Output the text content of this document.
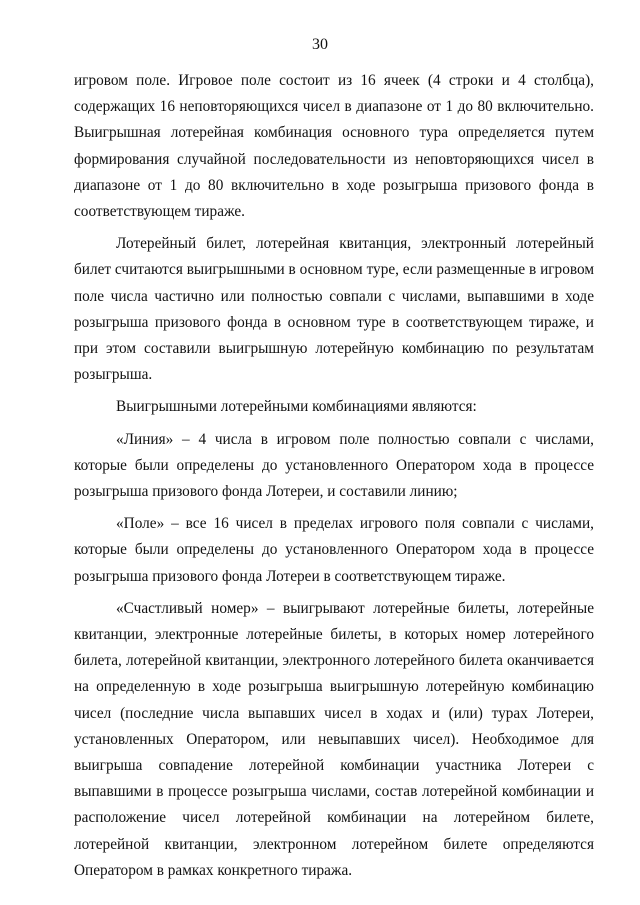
30

игровом поле. Игровое поле состоит из 16 ячеек (4 строки и 4 столбца), содержащих 16 неповторяющихся чисел в диапазоне от 1 до 80 включительно. Выигрышная лотерейная комбинация основного тура определяется путем формирования случайной последовательности из неповторяющихся чисел в диапазоне от 1 до 80 включительно в ходе розыгрыша призового фонда в соответствующем тираже.

Лотерейный билет, лотерейная квитанция, электронный лотерейный билет считаются выигрышными в основном туре, если размещенные в игровом поле числа частично или полностью совпали с числами, выпавшими в ходе розыгрыша призового фонда в основном туре в соответствующем тираже, и при этом составили выигрышную лотерейную комбинацию по результатам розыгрыша.

Выигрышными лотерейными комбинациями являются:

«Линия» – 4 числа в игровом поле полностью совпали с числами, которые были определены до установленного Оператором хода в процессе розыгрыша призового фонда Лотереи, и составили линию;

«Поле» – все 16 чисел в пределах игрового поля совпали с числами, которые были определены до установленного Оператором хода в процессе розыгрыша призового фонда Лотереи в соответствующем тираже.

«Счастливый номер» – выигрывают лотерейные билеты, лотерейные квитанции, электронные лотерейные билеты, в которых номер лотерейного билета, лотерейной квитанции, электронного лотерейного билета оканчивается на определенную в ходе розыгрыша выигрышную лотерейную комбинацию чисел (последние числа выпавших чисел в ходах и (или) турах Лотереи, установленных Оператором, или невыпавших чисел). Необходимое для выигрыша совпадение лотерейной комбинации участника Лотереи с выпавшими в процессе розыгрыша числами, состав лотерейной комбинации и расположение чисел лотерейной комбинации на лотерейном билете, лотерейной квитанции, электронном лотерейном билете определяются Оператором в рамках конкретного тиража.
